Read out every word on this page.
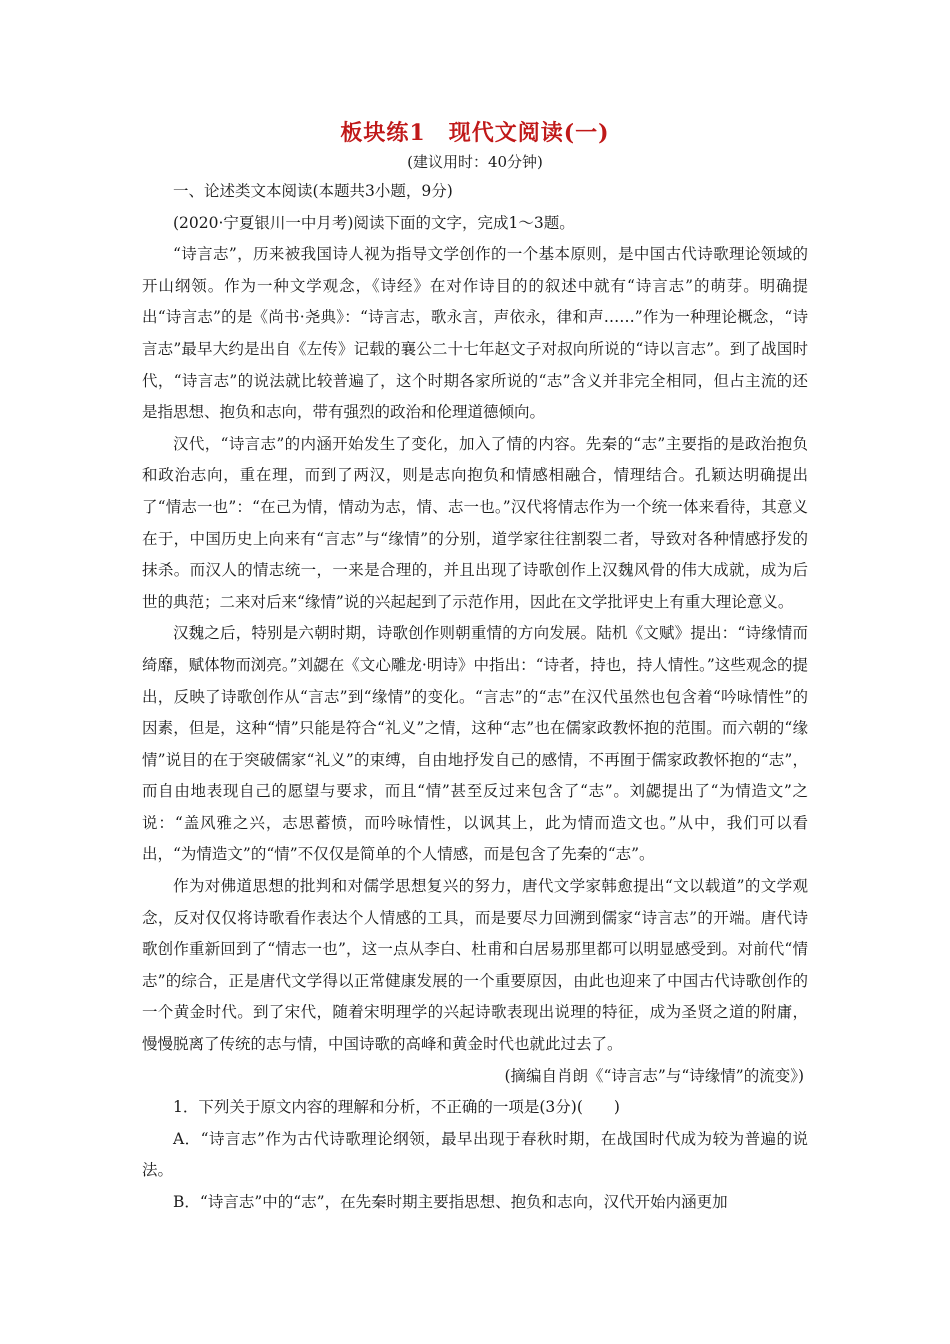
板块练1　现代文阅读(一)
(建议用时：40分钟)
一、论述类文本阅读(本题共3小题，9分)
(2020·宁夏银川一中月考)阅读下面的文字，完成1～3题。

“诗言志”，历来被我国诗人视为指导文学创作的一个基本原则，是中国古代诗歌理论领域的开山纲领。作为一种文学观念，《诗经》在对作诗目的的叙述中就有“诗言志”的萌芽。明确提出“诗言志”的是《尚书·尧典》：“诗言志，歌永言，声依永，律和声……”作为一种理论概念，“诗言志”最早大约是出自《左传》记载的襄公二十七年赵文子对叔向所说的“诗以言志”。到了战国时代，“诗言志”的说法就比较普遍了，这个时期各家所说的“志”含义并非完全相同，但占主流的还是指思想、抱负和志向，带有强烈的政治和伦理道德倾向。

汉代，“诗言志”的内涵开始发生了变化，加入了情的内容。先秦的“志”主要指的是政治抱负和政治志向，重在理，而到了两汉，则是志向抱负和情感相融合，情理结合。孔颖达明确提出了“情志一也”：“在己为情，情动为志，情、志一也。”汉代将情志作为一个统一体来看待，其意义在于，中国历史上向来有“言志”与“缘情”的分别，道学家往往割裂二者，导致对各种情感抒发的抹杀。而汉人的情志统一，一来是合理的，并且出现了诗歌创作上汉魏风骨的伟大成就，成为后世的典范；二来对后来“缘情”说的兴起起到了示范作用，因此在文学批评史上有重大理论意义。

汉魏之后，特别是六朝时期，诗歌创作则朝重情的方向发展。陆机《文赋》提出：“诗缘情而绮靡，赋体物而浏亮。”刘勰在《文心雕龙·明诗》中指出：“诗者，持也，持人情性。”这些观念的提出，反映了诗歌创作从“言志”到“缘情”的变化。“言志”的“志”在汉代虽然也包含着“吟咏情性”的因素，但是，这种“情”只能是符合“礼义”之情，这种“志”也在儒家政教怀抱的范围。而六朝的“缘情”说目的在于突破儒家“礼义”的束缚，自由地抒发自己的感情，不再囿于儒家政教怀抱的“志”，而自由地表现自己的愿望与要求，而且“情”甚至反过来包含了“志”。刘勰提出了“为情造文”之说：“盖风雅之兴，志思蓄愤，而吟咏情性，以讽其上，此为情而造文也。”从中，我们可以看出，“为情造文”的“情”不仅仅是简单的个人情感，而是包含了先秦的“志”。

作为对佛道思想的批判和对儒学思想复兴的努力，唐代文学家韩愈提出“文以载道”的文学观念，反对仅仅将诗歌看作表达个人情感的工具，而是要尽力回溯到儒家“诗言志”的开端。唐代诗歌创作重新回到了“情志一也”，这一点从李白、杜甫和白居易那里都可以明显感受到。对前代“情志”的综合，正是唐代文学得以正常健康发展的一个重要原因，由此也迎来了中国古代诗歌创作的一个黄金时代。到了宋代，随着宋明理学的兴起诗歌表现出说理的特征，成为圣贤之道的附庸，慢慢脱离了传统的志与情，中国诗歌的高峰和黄金时代也就此过去了。

(摘编自肖朗《“诗言志”与“诗缘情”的流变》)
1．下列关于原文内容的理解和分析，不正确的一项是(3分)(　　)
A．“诗言志”作为古代诗歌理论纲领，最早出现于春秋时期，在战国时代成为较为普遍的说法。
B．“诗言志”中的“志”，在先秦时期主要指思想、抱负和志向，汉代开始内涵更加
